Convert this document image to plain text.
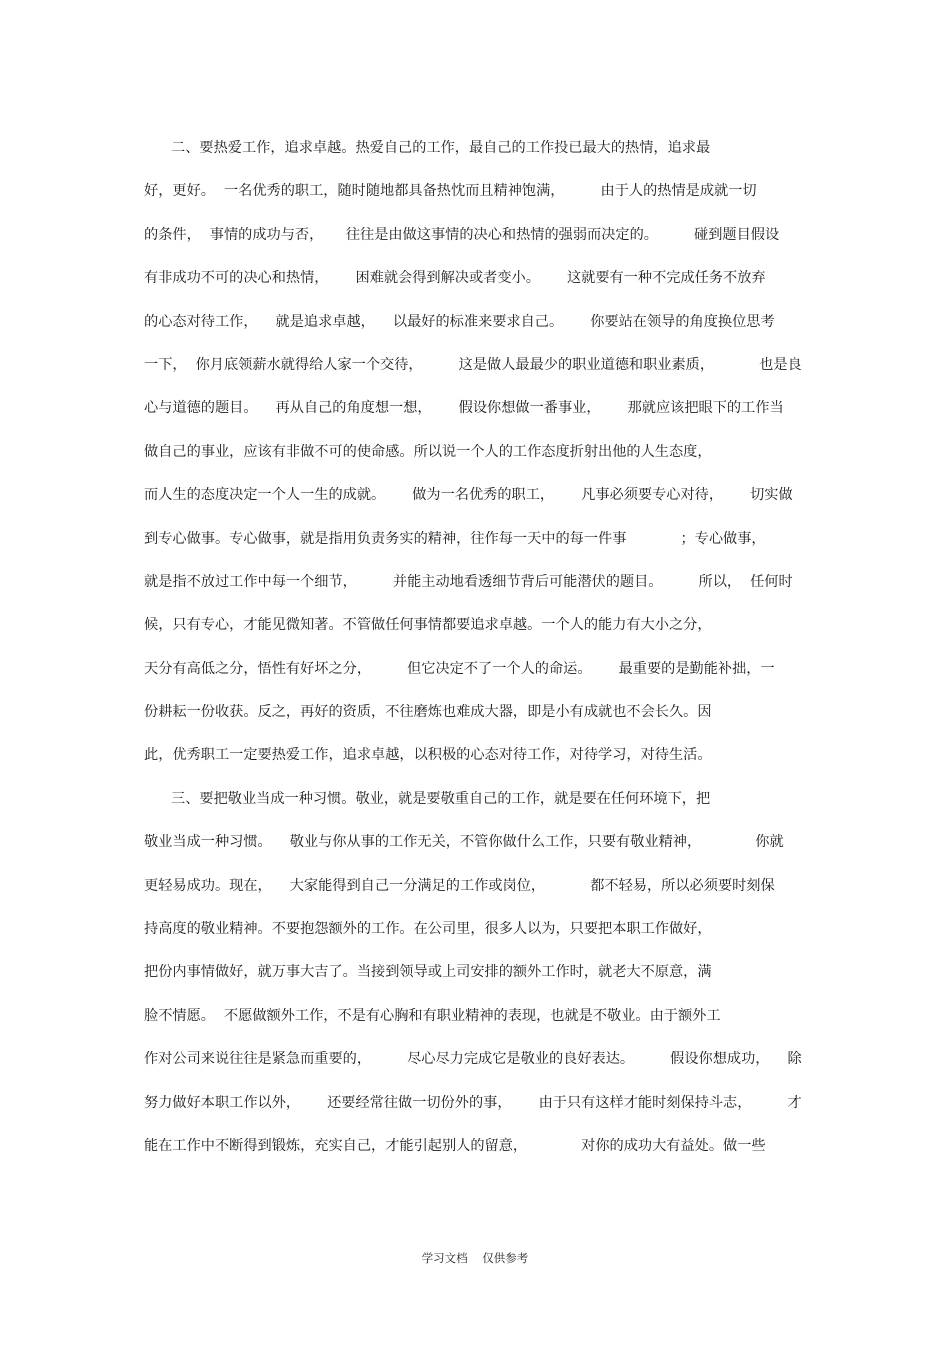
二、要热爱工作，追求卓越。热爱自己的工作，最自己的工作投已最大的热情，追求最
好，更好。  一名优秀的职工，随时随地都具备热忱而且精神饱满，        由于人的热情是成就一切
的条件，  事情的成功与否，     往往是由做这事情的决心和热情的强弱而决定的。        碰到题目假设
有非成功不可的决心和热情，      困难就会得到解决或者变小。      这就要有一种不完成任务不放弃
的心态对待工作，    就是追求卓越，    以最好的标准来要求自己。      你要站在领导的角度换位思考
一下，  你月底领薪水就得给人家一个交待，        这是做人最最少的职业道德和职业素质，          也是良
心与道德的题目。    再从自己的角度想一想，      假设你想做一番事业，      那就应该把眼下的工作当
做自己的事业，应该有非做不可的使命感。所以说一个人的工作态度折射出他的人生态度，
而人生的态度决定一个人一生的成就。      做为一名优秀的职工，      凡事必须要专心对待，      切实做
到专心做事。专心做事，就是指用负责务实的精神，往作每一天中的每一件事            ；专心做事，
就是指不放过工作中每一个细节，        并能主动地看透细节背后可能潜伏的题目。        所以，  任何时
候，只有专心，才能见微知著。不管做任何事情都要追求卓越。一个人的能力有大小之分，
天分有高低之分，悟性有好坏之分，        但它决定不了一个人的命运。      最重要的是勤能补拙，一
份耕耘一份收获。反之，再好的资质，不往磨炼也难成大器，即是小有成就也不会长久。因
此，优秀职工一定要热爱工作，追求卓越，以积极的心态对待工作，对待学习，对待生活。
三、要把敬业当成一种习惯。敬业，就是要敬重自己的工作，就是要在任何环境下，把
敬业当成一种习惯。    敬业与你从事的工作无关，不管你做什么工作，只要有敬业精神，            你就
更轻易成功。现在，    大家能得到自己一分满足的工作或岗位，          都不轻易，所以必须要时刻保
持高度的敬业精神。不要抱怨额外的工作。在公司里，很多人以为，只要把本职工作做好，
把份内事情做好，就万事大吉了。当接到领导或上司安排的额外工作时，就老大不原意，满
脸不情愿。  不愿做额外工作，不是有心胸和有职业精神的表现，也就是不敬业。由于额外工
作对公司来说往往是紧急而重要的，        尽心尽力完成它是敬业的良好表达。        假设你想成功，    除
努力做好本职工作以外，      还要经常往做一切份外的事，      由于只有这样才能时刻保持斗志，        才
能在工作中不断得到锻炼，充实自己，才能引起别人的留意，            对你的成功大有益处。做一些
学习文档    仅供参考
